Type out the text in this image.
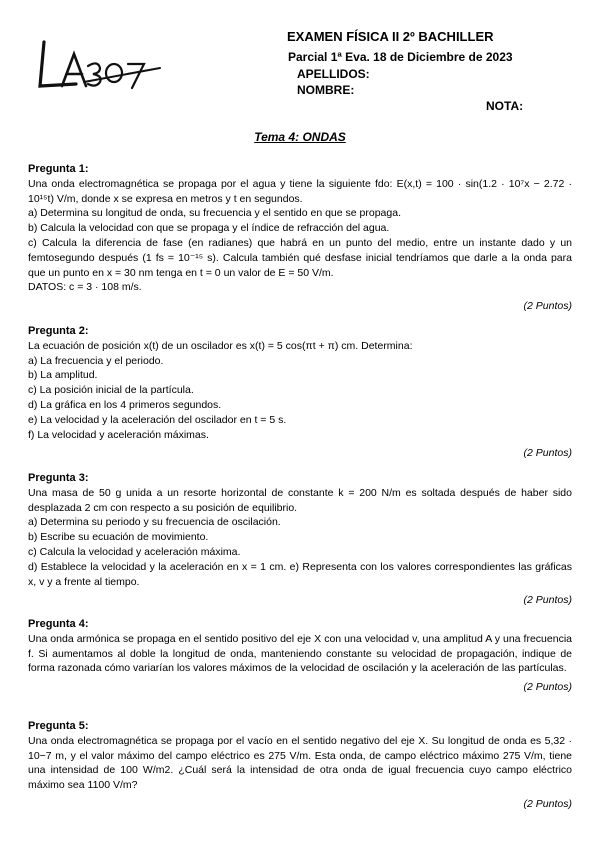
EXAMEN FÍSICA II 2º BACHILLER
Parcial 1ª Eva. 18 de Diciembre de 2023
APELLIDOS:
NOMBRE:
NOTA:
Tema 4: ONDAS
Pregunta 1:

Una onda electromagnética se propaga por el agua y tiene la siguiente fdo: E(x,t) = 100 · sin(1.2 · 10⁷x − 2.72 · 10¹⁵t) V/m, donde x se expresa en metros y t en segundos.

a) Determina su longitud de onda, su frecuencia y el sentido en que se propaga.

b) Calcula la velocidad con que se propaga y el índice de refracción del agua.

c) Calcula la diferencia de fase (en radianes) que habrá en un punto del medio, entre un instante dado y un femtosegundo después (1 fs = 10⁻¹⁵ s). Calcula también qué desfase inicial tendríamos que darle a la onda para que un punto en x = 30 nm tenga en t = 0 un valor de E = 50 V/m.

DATOS: c = 3 · 108 m/s.

(2 Puntos)

Pregunta 2:

La ecuación de posición x(t) de un oscilador es x(t) = 5 cos(πt + π) cm. Determina:

a) La frecuencia y el periodo.

b) La amplitud.

c) La posición inicial de la partícula.

d) La gráfica en los 4 primeros segundos.

e) La velocidad y la aceleración del oscilador en t = 5 s.

f) La velocidad y aceleración máximas.

(2 Puntos)

Pregunta 3:

Una masa de 50 g unida a un resorte horizontal de constante k = 200 N/m es soltada después de haber sido desplazada 2 cm con respecto a su posición de equilibrio.

a) Determina su periodo y su frecuencia de oscilación.

b) Escribe su ecuación de movimiento.

c) Calcula la velocidad y aceleración máxima.

d) Establece la velocidad y la aceleración en x = 1 cm. e) Representa con los valores correspondientes las gráficas x, v y a frente al tiempo.

(2 Puntos)

Pregunta 4:

Una onda armónica se propaga en el sentido positivo del eje X con una velocidad v, una amplitud A y una frecuencia f. Si aumentamos al doble la longitud de onda, manteniendo constante su velocidad de propagación, indique de forma razonada cómo variarían los valores máximos de la velocidad de oscilación y la aceleración de las partículas.

(2 Puntos)

Pregunta 5:

Una onda electromagnética se propaga por el vacío en el sentido negativo del eje X. Su longitud de onda es 5,32 · 10−7 m, y el valor máximo del campo eléctrico es 275 V/m. Esta onda, de campo eléctrico máximo 275 V/m, tiene una intensidad de 100 W/m2. ¿Cuál será la intensidad de otra onda de igual frecuencia cuyo campo eléctrico máximo sea 1100 V/m?

(2 Puntos)
